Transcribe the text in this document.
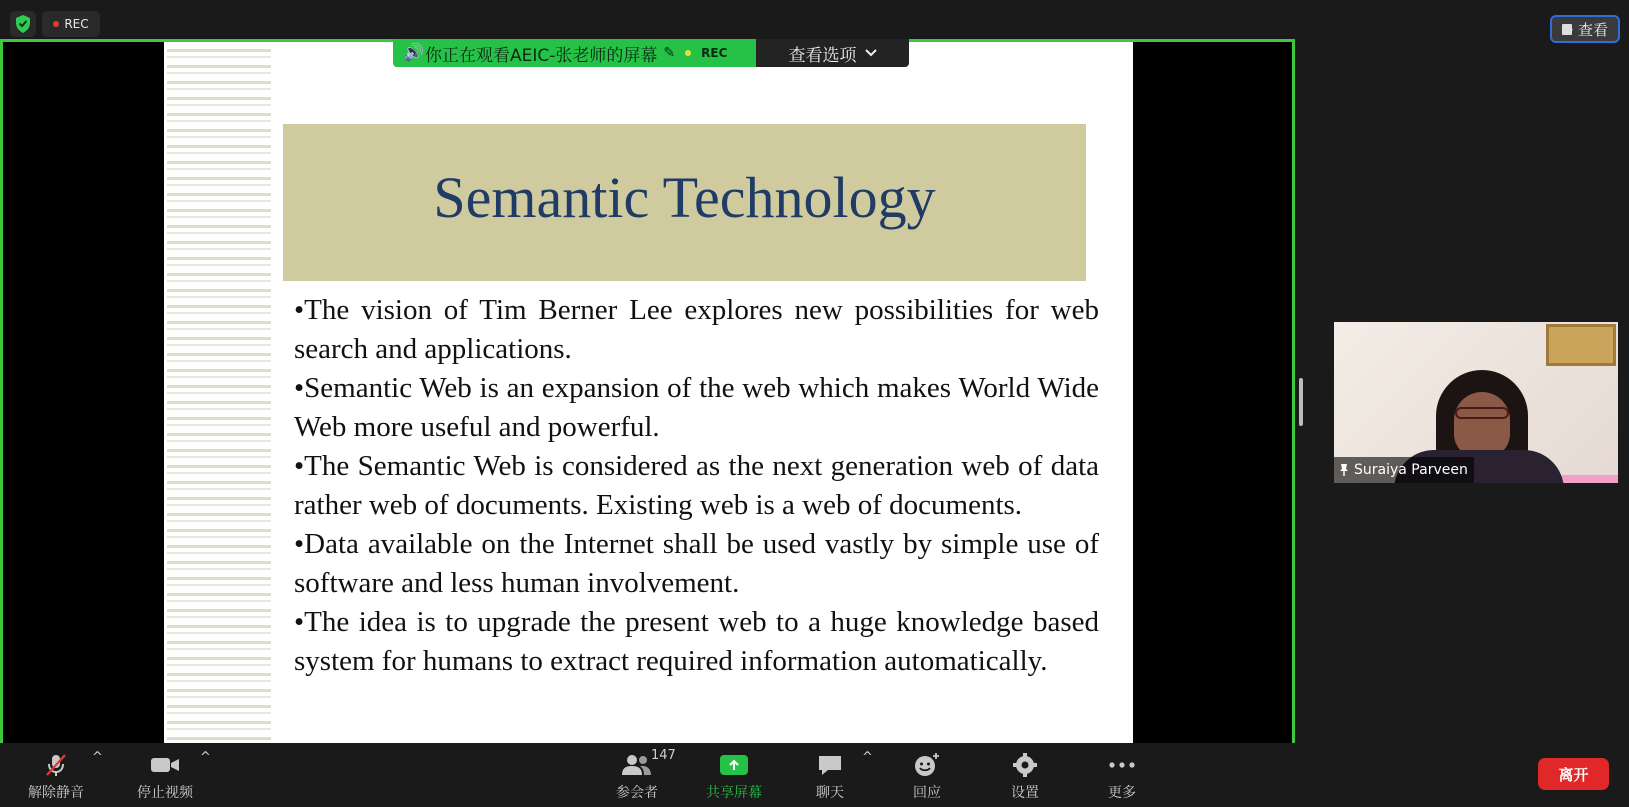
REC	查看
Semantic Technology

•The vision of Tim Berner Lee explores new possibilities for web search and applications.

•Semantic Web is an expansion of the web which makes World Wide Web more useful and powerful.

•The Semantic Web is considered as the next generation web of data rather web of documents. Existing web is a web of documents.

•Data available on the Internet shall be used vastly by simple use of software and less human involvement.

•The idea is to upgrade the present web to a huge knowledge based system for humans to extract required information automatically.

🔊 你正在观看AEIC-张老师的屏幕 ✎ REC	查看选项
Suraiya Parveen
解除静音
^
停止视频
^
参会者
147
共享屏幕	聊天
^
回应	设置	更多
离开
